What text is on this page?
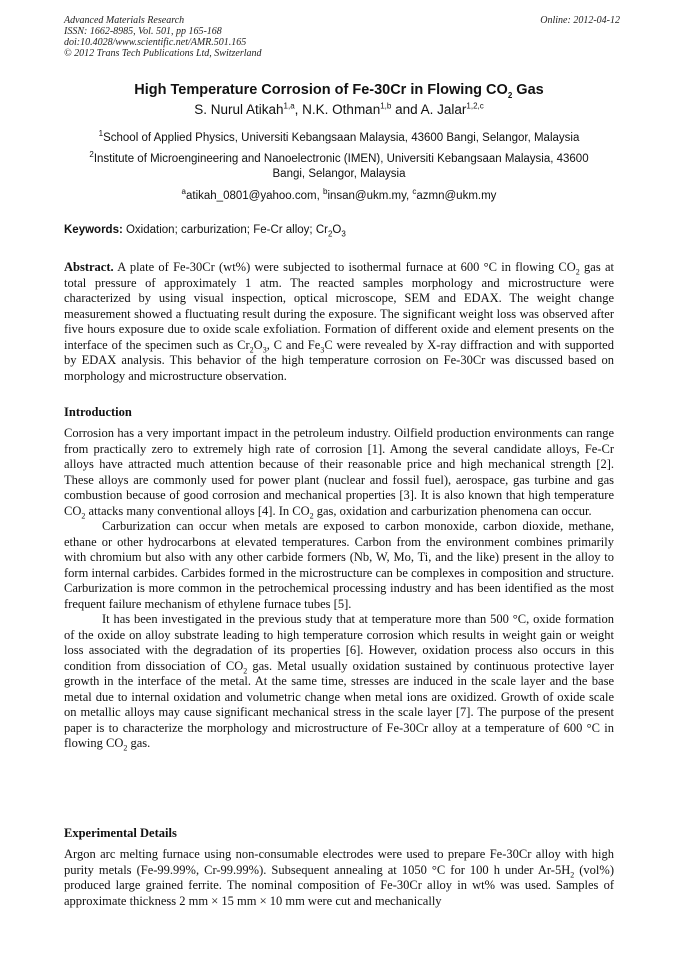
Advanced Materials Research
ISSN: 1662-8985, Vol. 501, pp 165-168
doi:10.4028/www.scientific.net/AMR.501.165
© 2012 Trans Tech Publications Ltd, Switzerland
Online: 2012-04-12
High Temperature Corrosion of Fe-30Cr in Flowing $CO_2$ Gas
S. Nurul Atikah$^{1,a}$, N.K. Othman$^{1,b}$ and A. Jalar$^{1,2,c}$
$^1$School of Applied Physics, Universiti Kebangsaan Malaysia, 43600 Bangi, Selangor, Malaysia
$^2$Institute of Microengineering and Nanoelectronic (IMEN), Universiti Kebangsaan Malaysia, 43600
Bangi, Selangor, Malaysia
$^a$atikah_0801@yahoo.com, $^b$insan@ukm.my, $^c$azmn@ukm.my
Keywords: Oxidation; carburization; Fe-Cr alloy; $Cr_2O_3$
Abstract. A plate of Fe-30Cr (wt%) were subjected to isothermal furnace at 600 °C in flowing $CO_2$ gas at total pressure of approximately 1 atm. The reacted samples morphology and microstructure were characterized by using visual inspection, optical microscope, SEM and EDAX. The weight change measurement showed a fluctuating result during the exposure. The significant weight loss was observed after five hours exposure due to oxide scale exfoliation. Formation of different oxide and element presents on the interface of the specimen such as $Cr_2O_3$, C and $Fe_3C$ were revealed by X-ray diffraction and with supported by EDAX analysis. This behavior of the high temperature corrosion on Fe-30Cr was discussed based on morphology and microstructure observation.
Introduction
Corrosion has a very important impact in the petroleum industry. Oilfield production environments can range from practically zero to extremely high rate of corrosion [1]. Among the several candidate alloys, Fe-Cr alloys have attracted much attention because of their reasonable price and high mechanical strength [2]. These alloys are commonly used for power plant (nuclear and fossil fuel), aerospace, gas turbine and gas combustion because of good corrosion and mechanical properties [3]. It is also known that high temperature $CO_2$ attacks many conventional alloys [4]. In $CO_2$ gas, oxidation and carburization phenomena can occur.
Carburization can occur when metals are exposed to carbon monoxide, carbon dioxide, methane, ethane or other hydrocarbons at elevated temperatures. Carbon from the environment combines primarily with chromium but also with any other carbide formers (Nb, W, Mo, Ti, and the like) present in the alloy to form internal carbides. Carbides formed in the microstructure can be complexes in composition and structure. Carburization is more common in the petrochemical processing industry and has been identified as the most frequent failure mechanism of ethylene furnace tubes [5].
It has been investigated in the previous study that at temperature more than 500 °C, oxide formation of the oxide on alloy substrate leading to high temperature corrosion which results in weight gain or weight loss associated with the degradation of its properties [6]. However, oxidation process also occurs in this condition from dissociation of $CO_2$ gas. Metal usually oxidation sustained by continuous protective layer growth in the interface of the metal. At the same time, stresses are induced in the scale layer and the base metal due to internal oxidation and volumetric change when metal ions are oxidized. Growth of oxide scale on metallic alloys may cause significant mechanical stress in the scale layer [7]. The purpose of the present paper is to characterize the morphology and microstructure of Fe-30Cr alloy at a temperature of 600 °C in flowing $CO_2$ gas.
Experimental Details
Argon arc melting furnace using non-consumable electrodes were used to prepare Fe-30Cr alloy with high purity metals (Fe-99.99%, Cr-99.99%). Subsequent annealing at 1050 °C for 100 h under $Ar-5H_2$ (vol%) produced large grained ferrite. The nominal composition of Fe-30Cr alloy in wt% was used. Samples of approximate thickness 2 mm × 15 mm × 10 mm were cut and mechanically
